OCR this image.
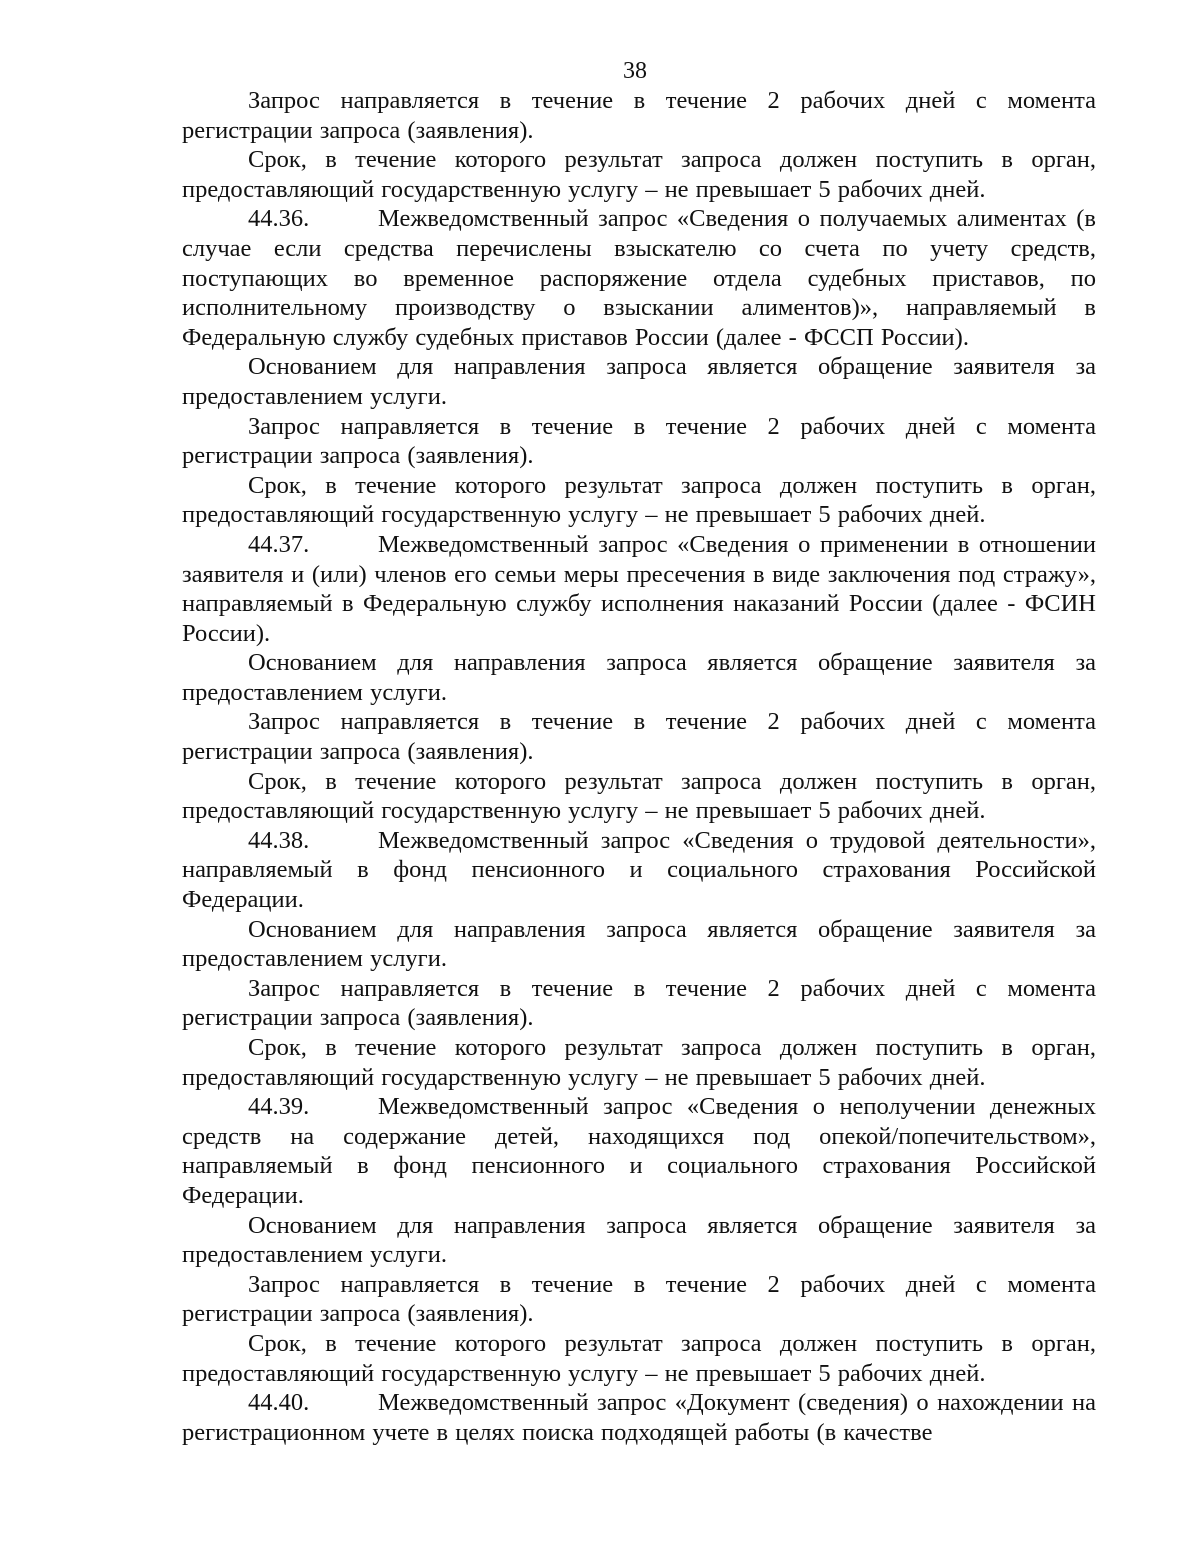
38

Запрос направляется в течение в течение 2 рабочих дней с момента регистрации запроса (заявления).

Срок, в течение которого результат запроса должен поступить в орган, предоставляющий государственную услугу – не превышает 5 рабочих дней.

44.36.	Межведомственный запрос «Сведения о получаемых алиментах (в случае если средства перечислены взыскателю со счета по учету средств, поступающих во временное распоряжение отдела судебных приставов, по исполнительному производству о взыскании алиментов)», направляемый в Федеральную службу судебных приставов России (далее - ФССП России).

Основанием для направления запроса является обращение заявителя за предоставлением услуги.

Запрос направляется в течение в течение 2 рабочих дней с момента регистрации запроса (заявления).

Срок, в течение которого результат запроса должен поступить в орган, предоставляющий государственную услугу – не превышает 5 рабочих дней.

44.37.	Межведомственный запрос «Сведения о применении в отношении заявителя и (или) членов его семьи меры пресечения в виде заключения под стражу», направляемый в Федеральную службу исполнения наказаний России (далее - ФСИН России).

Основанием для направления запроса является обращение заявителя за предоставлением услуги.

Запрос направляется в течение в течение 2 рабочих дней с момента регистрации запроса (заявления).

Срок, в течение которого результат запроса должен поступить в орган, предоставляющий государственную услугу – не превышает 5 рабочих дней.

44.38.	Межведомственный запрос «Сведения о трудовой деятельности», направляемый в фонд пенсионного и социального страхования Российской Федерации.

Основанием для направления запроса является обращение заявителя за предоставлением услуги.

Запрос направляется в течение в течение 2 рабочих дней с момента регистрации запроса (заявления).

Срок, в течение которого результат запроса должен поступить в орган, предоставляющий государственную услугу – не превышает 5 рабочих дней.

44.39.	Межведомственный запрос «Сведения о неполучении денежных средств на содержание детей, находящихся под опекой/попечительством», направляемый в фонд пенсионного и социального страхования Российской Федерации.

Основанием для направления запроса является обращение заявителя за предоставлением услуги.

Запрос направляется в течение в течение 2 рабочих дней с момента регистрации запроса (заявления).

Срок, в течение которого результат запроса должен поступить в орган, предоставляющий государственную услугу – не превышает 5 рабочих дней.

44.40.	Межведомственный запрос «Документ (сведения) о нахождении на регистрационном учете в целях поиска подходящей работы (в качестве
